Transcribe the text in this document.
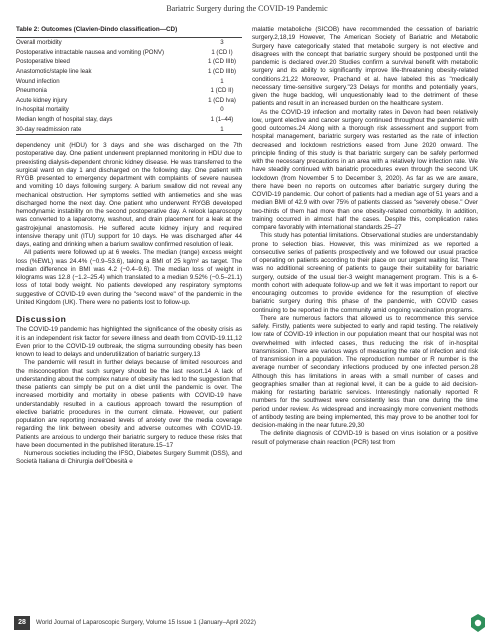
Bariatric Surgery during the COVID-19 Pandemic
Table 2: Outcomes (Clavien-Dindo classification—CD)
Overall morbidity	3
Postoperative intractable nausea and vomiting (PONV)	1 (CD I)
Postoperative bleed	1 (CD IIIb)
Anastomotic/staple line leak	1 (CD IIIb)
Wound infection	1
Pneumonia	1 (CD II)
Acute kidney injury	1 (CD Iva)
In-hospital mortality	0
Median length of hospital stay, days	1 (1–44)
30-day readmission rate	1

dependency unit (HDU) for 3 days and she was discharged on the 7th postoperative day. One patient underwent preplanned monitoring in HDU due to preexisting dialysis-dependent chronic kidney disease. He was transferred to the surgical ward on day 1 and discharged on the following day. One patient with RYGB presented to emergency department with complaints of severe nausea and vomiting 10 days following surgery. A barium swallow did not reveal any mechanical obstruction. Her symptoms settled with antiemetics and she was discharged home the next day. One patient who underwent RYGB developed hemodynamic instability on the second postoperative day. A relook laparoscopy was converted to a laparotomy, washout, and drain placement for a leak at the gastrojejunal anastomosis. He suffered acute kidney injury and required intensive therapy unit (ITU) support for 10 days. He was discharged after 44 days, eating and drinking when a barium swallow confirmed resolution of leak.

All patients were followed up at 6 weeks. The median (range) excess weight loss (%EWL) was 24.4% (−0.9–53.6), taking a BMI of 25 kg/m² as target. The median difference in BMI was 4.2 (−0.4–9.6). The median loss of weight in kilograms was 12.8 (−1.2–25.4) which translated to a median 9.52% (−0.5–21.1) loss of total body weight. No patients developed any respiratory symptoms suggestive of COVID-19 even during the "second wave" of the pandemic in the United Kingdom (UK). There were no patients lost to follow-up.

Discussion

The COVID-19 pandemic has highlighted the significance of the obesity crisis as it is an independent risk factor for severe illness and death from COVID-19.11,12 Even prior to the COVID-19 outbreak, the stigma surrounding obesity has been known to lead to delays and underutilization of bariatric surgery.13

The pandemic will result in further delays because of limited resources and the misconception that such surgery should be the last resort.14 A lack of understanding about the complex nature of obesity has led to the suggestion that these patients can simply be put on a diet until the pandemic is over. The increased morbidity and mortality in obese patients with COVID-19 have understandably resulted in a cautious approach toward the resumption of elective bariatric procedures in the current climate. However, our patient population are reporting increased levels of anxiety over the media coverage regarding the link between obesity and adverse outcomes with COVID-19. Patients are anxious to undergo their bariatric surgery to reduce these risks that have been documented in the published literature.15–17

Numerous societies including the IFSO, Diabetes Surgery Summit (DSS), and Società Italiana di Chirurgia dell'Obesità e

malattie metaboliche (SICOB) have recommended the cessation of bariatric surgery.2,18,19 However, The American Society of Bariatric and Metabolic Surgery have categorically stated that metabolic surgery is not elective and disagrees with the concept that bariatric surgery should be postponed until the pandemic is declared over.20 Studies confirm a survival benefit with metabolic surgery and its ability to significantly improve life-threatening obesity-related conditions.21,22 Moreover, Prachand et al. have labeled this as "medically necessary time-sensitive surgery."23 Delays for months and potentially years, given the huge backlog, will unquestionably lead to the detriment of these patients and result in an increased burden on the healthcare system.

As the COVID-19 infection and mortality rates in Devon had been relatively low, urgent elective and cancer surgery continued throughout the pandemic with good outcomes.24 Along with a thorough risk assessment and support from hospital management, bariatric surgery was restarted as the rate of infection decreased and lockdown restrictions eased from June 2020 onward. The principle finding of this study is that bariatric surgery can be safely performed with the necessary precautions in an area with a relatively low infection rate. We have steadily continued with bariatric procedures even through the second UK lockdown (from November 5 to December 3, 2020). As far as we are aware, there have been no reports on outcomes after bariatric surgery during the COVID-19 pandemic. Our cohort of patients had a median age of 51 years and a median BMI of 42.9 with over 75% of patients classed as "severely obese." Over two-thirds of them had more than one obesity-related comorbidity. In addition, training occurred in almost half the cases. Despite this, complication rates compare favorably with international standards.25–27

This study has potential limitations. Observational studies are understandably prone to selection bias. However, this was minimized as we reported a consecutive series of patients prospectively and we followed our usual practice of operating on patients according to their place on our urgent waiting list. There was no additional screening of patients to gauge their suitability for bariatric surgery, outside of the usual tier-3 weight management program. This is a 6-month cohort with adequate follow-up and we felt it was important to report our encouraging outcomes to provide evidence for the resumption of elective bariatric surgery during this phase of the pandemic, with COVID cases continuing to be reported in the community amid ongoing vaccination programs.

There are numerous factors that allowed us to recommence this service safely. Firstly, patients were subjected to early and rapid testing. The relatively low rate of COVID-19 infection in our population meant that our hospital was not overwhelmed with infected cases, thus reducing the risk of in-hospital transmission. There are various ways of measuring the rate of infection and risk of transmission in a population. The reproduction number or R number is the average number of secondary infections produced by one infected person.28 Although this has limitations in areas with a small number of cases and geographies smaller than at regional level, it can be a guide to aid decision-making for restarting bariatric services. Interestingly nationally reported R numbers for the southwest were consistently less than one during the time period under review. As widespread and increasingly more convenient methods of antibody testing are being implemented, this may prove to be another tool for decision-making in the near future.29,30

The definite diagnosis of COVID-19 is based on virus isolation or a positive result of polymerase chain reaction (PCR) test from

28	World Journal of Laparoscopic Surgery, Volume 15 Issue 1 (January–April 2022)
